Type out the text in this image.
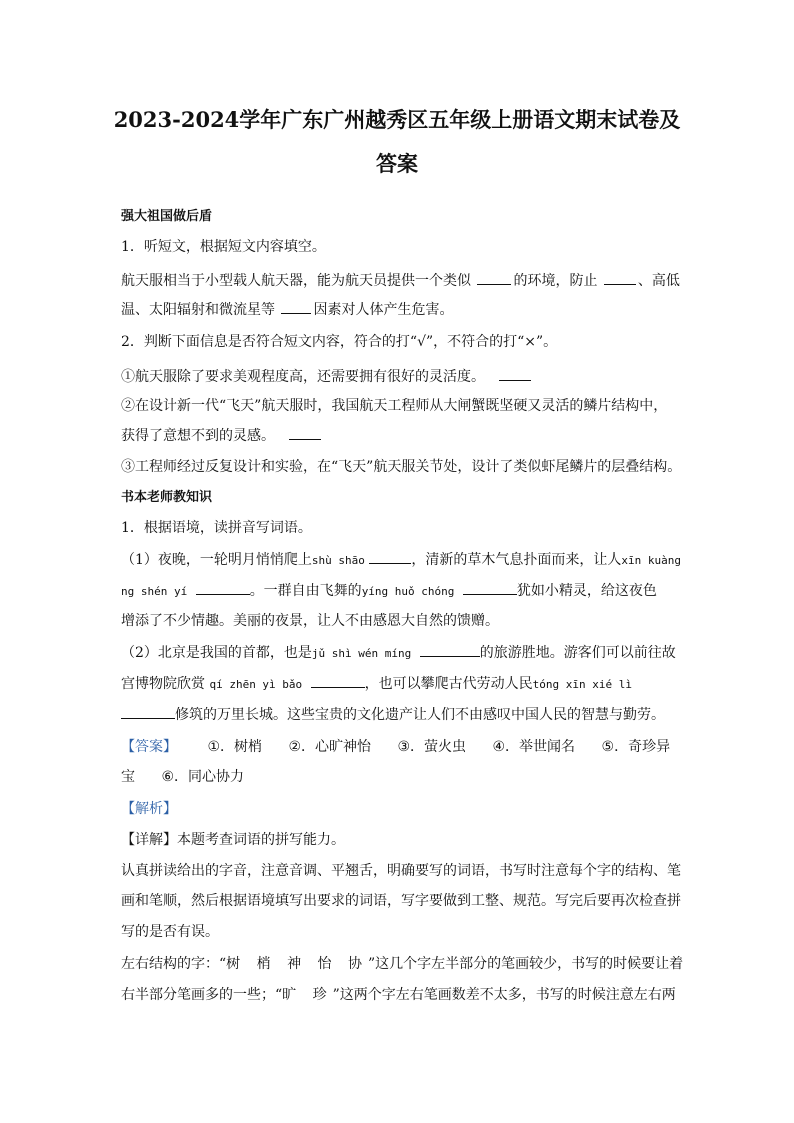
2023-2024学年广东广州越秀区五年级上册语文期末试卷及
答案
强大祖国做后盾
1．听短文，根据短文内容填空。
航天服相当于小型载人航天器，能为航天员提供一个类似	的环境，防止	、高低
温、太阳辐射和微流星等	因素对人体产生危害。
2．判断下面信息是否符合短文内容，符合的打“√”，不符合的打“×”。
①航天服除了要求美观程度高，还需要拥有很好的灵活度。
②在设计新一代“飞天”航天服时，我国航天工程师从大闸蟹既坚硬又灵活的鳞片结构中，
获得了意想不到的灵感。
③工程师经过反复设计和实验，在“飞天”航天服关节处，设计了类似虾尾鳞片的层叠结构。
书本老师教知识
1．根据语境，读拼音写词语。
（1）夜晚，一轮明月悄悄爬上shù shāo	，清新的草木气息扑面而来，让人xīn kuàng
ng shén yí	。一群自由飞舞的yíng huǒ chóng	犹如小精灵，给这夜色
增添了不少情趣。美丽的夜景，让人不由感恩大自然的馈赠。
（2）北京是我国的首都，也是jǔ shì wén míng	的旅游胜地。游客们可以前往故
宫博物院欣赏 qí zhēn yì bǎo	，也可以攀爬古代劳动人民tóng xīn xié lì
修筑的万里长城。这些宝贵的文化遗产让人们不由感叹中国人民的智慧与勤劳。
【答案】 ①．树梢 ②．心旷神怡 ③．萤火虫 ④．举世闻名 ⑤．奇珍异
宝 ⑥．同心协力
【解析】
【详解】本题考查词语的拼写能力。
认真拼读给出的字音，注意音调、平翘舌，明确要写的词语，书写时注意每个字的结构、笔
画和笔顺，然后根据语境填写出要求的词语，写字要做到工整、规范。写完后要再次检查拼
写的是否有误。
左右结构的字：“树 梢 神 怡 协”这几个字左半部分的笔画较少，书写的时候要让着
右半部分笔画多的一些；“旷 珍”这两个字左右笔画数差不太多，书写的时候注意左右两
